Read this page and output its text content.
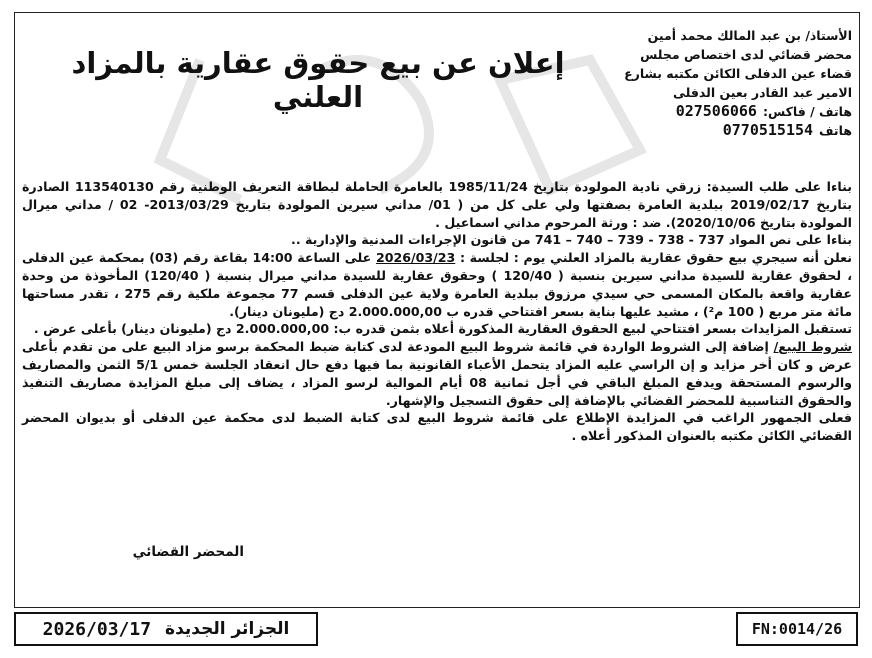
الأستاذ/ بن عبد المالك محمد أمين
محضر قضائي لدى اختصاص مجلس
قضاء عين الدفلى الكائن مكتبه بشارع
الامير عبد القادر بعين الدفلى
هاتف / فاكس:
027506066
هاتف
0770515154
إعلان عن بيع حقوق عقارية بالمزاد العلني

بناءا على طلب السيدة: زرقي نادية المولودة بتاريخ 1985/11/24 بالعامرة الحاملة لبطاقة التعريف الوطنية رقم 113540130 الصادرة بتاريخ 2019/02/17 ببلدية العامرة بصفتها ولي على كل من ( 01/ مداني سيرين المولودة بتاريخ 2013/03/29- 02 / مداني ميرال المولودة بتاريخ 2020/10/06). ضد : ورثة المرحوم مداني اسماعيل .

بناءا على نص المواد 737 - 738 - 739 – 740 – 741 من قانون الإجراءات المدنية والإدارية ..

نعلن أنه سيجري بيع حقوق عقارية بالمزاد العلني يوم : لجلسة : 2026/03/23 على الساعة 14:00 بقاعة رقم (03) بمحكمة عين الدفلى ، لحقوق عقارية للسيدة مداني سيرين بنسبة ( 120/40 ) وحقوق عقارية للسيدة مداني ميرال بنسبة ( 120/40) المأخوذة من وحدة عقارية واقعة بالمكان المسمى حي سيدي مرزوق ببلدية العامرة ولاية عين الدفلى قسم 77 مجموعة ملكية رقم 275 ، تقدر مساحتها مائة متر مربع ( 100 م²) ، مشيد عليها بناية بسعر افتتاحي قدره ب 2.000.000,00 دج (مليونان دينار).

تستقبل المزايدات بسعر افتتاحي لبيع الحقوق العقارية المذكورة أعلاه بثمن قدره ب: 2.000.000,00 دج (مليونان دينار) بأعلى عرض .

شروط البيع/ إضافة إلى الشروط الواردة في قائمة شروط البيع المودعة لدى كتابة ضبط المحكمة برسو مزاد البيع على من تقدم بأعلى عرض و كان أخر مزايد و إن الراسي عليه المزاد يتحمل الأعباء القانونية بما فيها دفع حال انعقاد الجلسة خمس 5/1 الثمن والمصاريف والرسوم المستحقة ويدفع المبلغ الباقي في أجل ثمانية 08 أيام الموالية لرسو المزاد ، يضاف إلى مبلغ المزايدة مصاريف التنفيذ والحقوق التناسبية للمحضر القضائي بالإضافة إلى حقوق التسجيل والإشهار.

فعلى الجمهور الراغب في المزايدة الإطلاع على قائمة شروط البيع لدى كتابة الضبط لدى محكمة عين الدفلى أو بديوان المحضر القضائي الكائن مكتبه بالعنوان المذكور أعلاه .

المحضر القضائي
2026/03/17 الجزائر الجديدة	FN:0014/26
